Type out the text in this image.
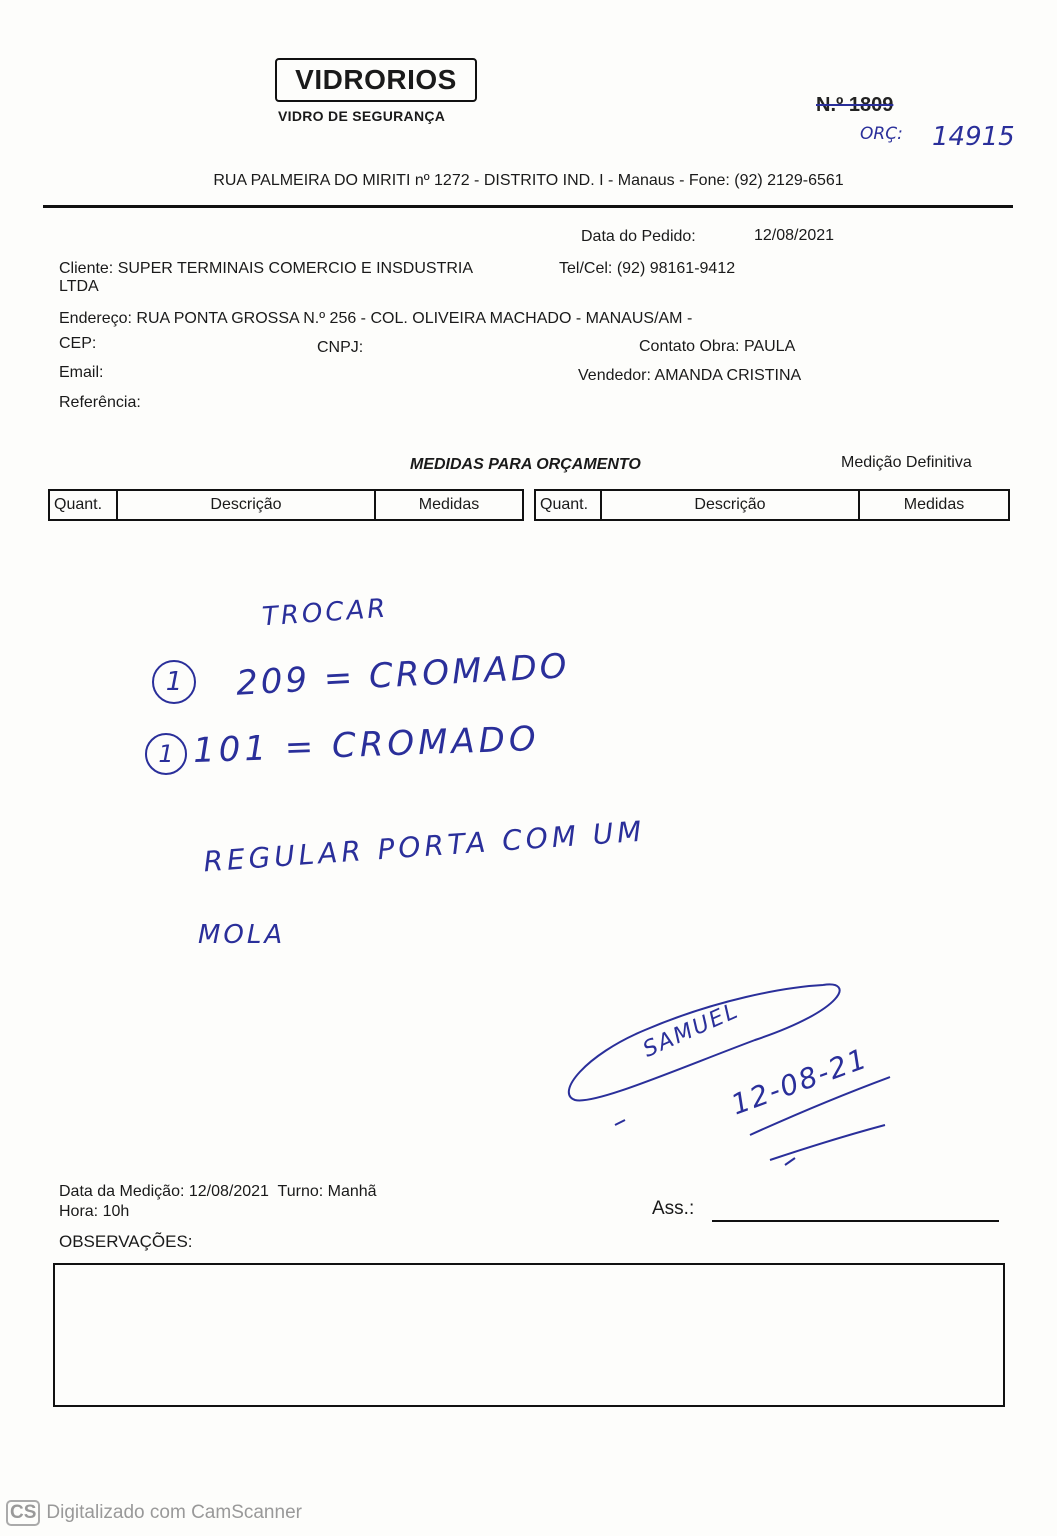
VIDRORIOS
VIDRO DE SEGURANÇA	N.º 1809
ORÇ: 14915
RUA PALMEIRA DO MIRITI nº 1272 - DISTRITO IND. I - Manaus - Fone: (92) 2129-6561
Data do Pedido:	12/08/2021
Cliente: SUPER TERMINAIS COMERCIO E INSDUSTRIA
LTDA
Tel/Cel: (92) 98161-9412
Endereço: RUA PONTA GROSSA N.º 256 - COL. OLIVEIRA MACHADO - MANAUS/AM -
CEP:	CNPJ:	Contato Obra: PAULA
Email:	Vendedor: AMANDA CRISTINA
Referência:
MEDIDAS PARA ORÇAMENTO	Medição Definitiva
Quant.	Descrição	Medidas	Quant.	Descrição	Medidas
TROCAR
1	209 = CROMADO
1 101 = CROMADO
REGULAR PORTA COM UM
MOLA
SAMUEL
12-08-21
Data da Medição: 12/08/2021 Turno: Manhã
Hora: 10h	Ass.:
OBSERVAÇÕES:
CS Digitalizado com CamScanner
